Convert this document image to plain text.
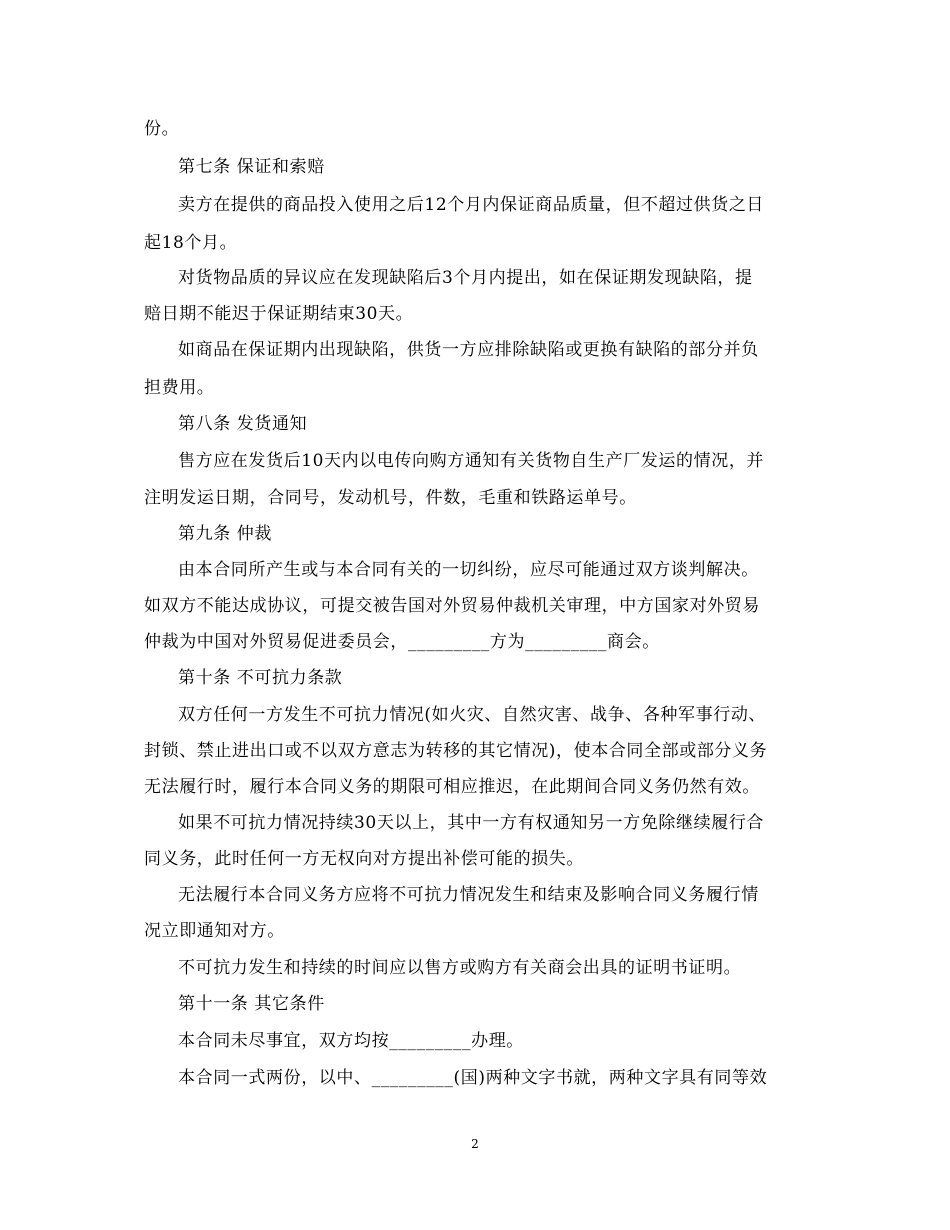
份。
第七条 保证和索赔
卖方在提供的商品投入使用之后12个月内保证商品质量，但不超过供货之日
起18个月。
对货物品质的异议应在发现缺陷后3个月内提出，如在保证期发现缺陷，提
赔日期不能迟于保证期结束30天。
如商品在保证期内出现缺陷，供货一方应排除缺陷或更换有缺陷的部分并负
担费用。
第八条 发货通知
售方应在发货后10天内以电传向购方通知有关货物自生产厂发运的情况，并
注明发运日期，合同号，发动机号，件数，毛重和铁路运单号。
第九条 仲裁
由本合同所产生或与本合同有关的一切纠纷，应尽可能通过双方谈判解决。
如双方不能达成协议，可提交被告国对外贸易仲裁机关审理，中方国家对外贸易
仲裁为中国对外贸易促进委员会，_________方为_________商会。
第十条 不可抗力条款
双方任何一方发生不可抗力情况(如火灾、自然灾害、战争、各种军事行动、
封锁、禁止进出口或不以双方意志为转移的其它情况)，使本合同全部或部分义务
无法履行时，履行本合同义务的期限可相应推迟，在此期间合同义务仍然有效。
如果不可抗力情况持续30天以上，其中一方有权通知另一方免除继续履行合
同义务，此时任何一方无权向对方提出补偿可能的损失。
无法履行本合同义务方应将不可抗力情况发生和结束及影响合同义务履行情
况立即通知对方。
不可抗力发生和持续的时间应以售方或购方有关商会出具的证明书证明。
第十一条 其它条件
本合同未尽事宜，双方均按_________办理。
本合同一式两份，以中、_________(国)两种文字书就，两种文字具有同等效
2
